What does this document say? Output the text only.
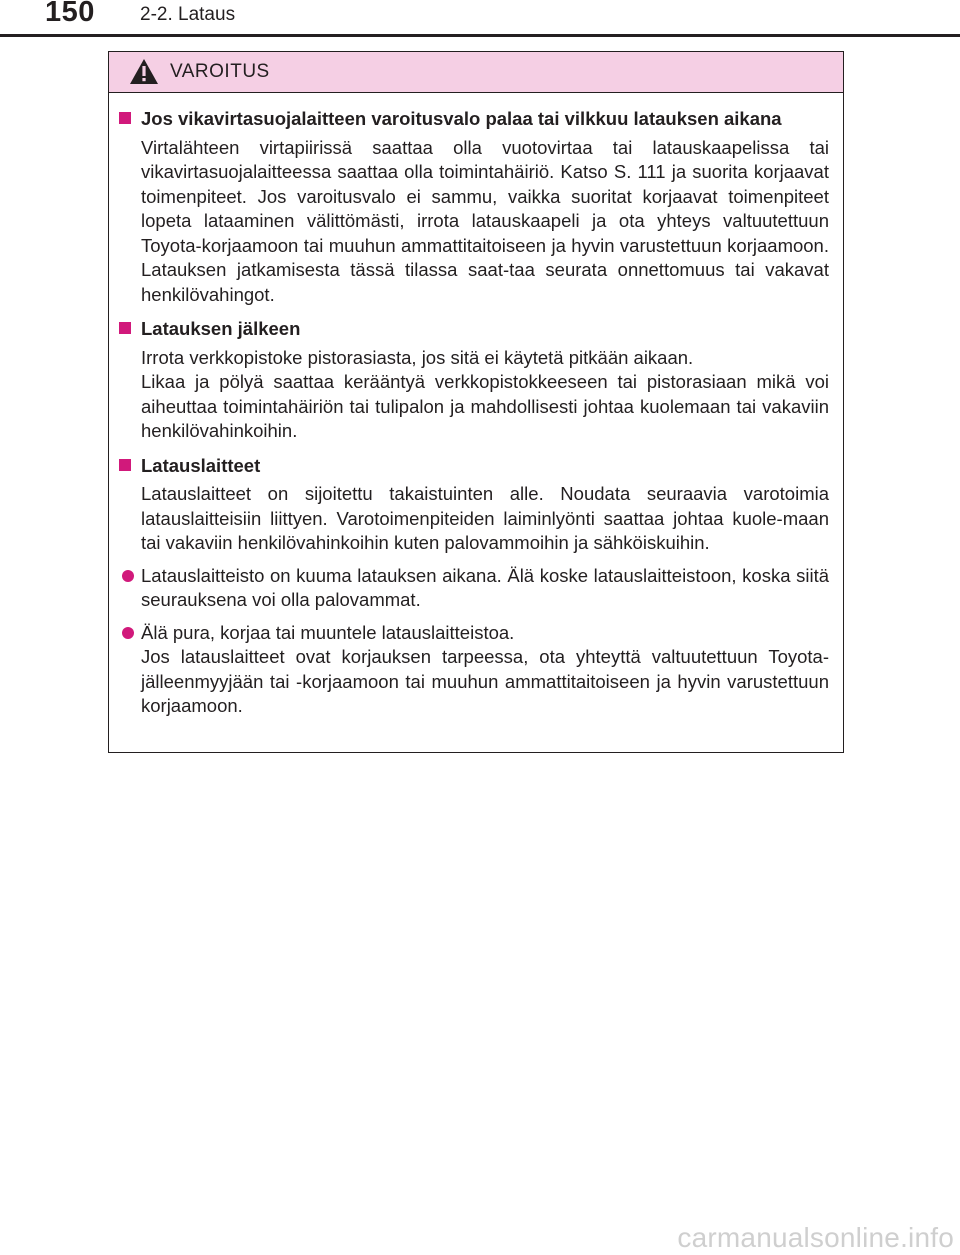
150 2-2. Lataus
VAROITUS
Jos vikavirtasuojalaitteen varoitusvalo palaa tai vilkkuu latauksen aikana

Virtalähteen virtapiirissä saattaa olla vuotovirtaa tai latauskaapelissa tai vikavirtasuojalaitteessa saattaa olla toimintahäiriö. Katso S. 111 ja suorita korjaavat toimenpiteet. Jos varoitusvalo ei sammu, vaikka suoritat korjaavat toimenpiteet lopeta lataaminen välittömästi, irrota latauskaapeli ja ota yhteys valtuutettuun Toyota-korjaamoon tai muuhun ammattitaitoiseen ja hyvin varustettuun korjaamoon. Latauksen jatkamisesta tässä tilassa saat-taa seurata onnettomuus tai vakavat henkilövahingot.

Latauksen jälkeen

Irrota verkkopistoke pistorasiasta, jos sitä ei käytetä pitkään aikaan.

Likaa ja pölyä saattaa kerääntyä verkkopistokkeeseen tai pistorasiaan mikä voi aiheuttaa toimintahäiriön tai tulipalon ja mahdollisesti johtaa kuolemaan tai vakaviin henkilövahinkoihin.

Latauslaitteet

Latauslaitteet on sijoitettu takaistuinten alle. Noudata seuraavia varotoimia latauslaitteisiin liittyen. Varotoimenpiteiden laiminlyönti saattaa johtaa kuole-maan tai vakaviin henkilövahinkoihin kuten palovammoihin ja sähköiskuihin.

Latauslaitteisto on kuuma latauksen aikana. Älä koske latauslaitteistoon, koska siitä seurauksena voi olla palovammat.

Älä pura, korjaa tai muuntele latauslaitteistoa.

Jos latauslaitteet ovat korjauksen tarpeessa, ota yhteyttä valtuutettuun Toyota-jälleenmyyjään tai -korjaamoon tai muuhun ammattitaitoiseen ja hyvin varustettuun korjaamoon.

carmanualsonline.info
